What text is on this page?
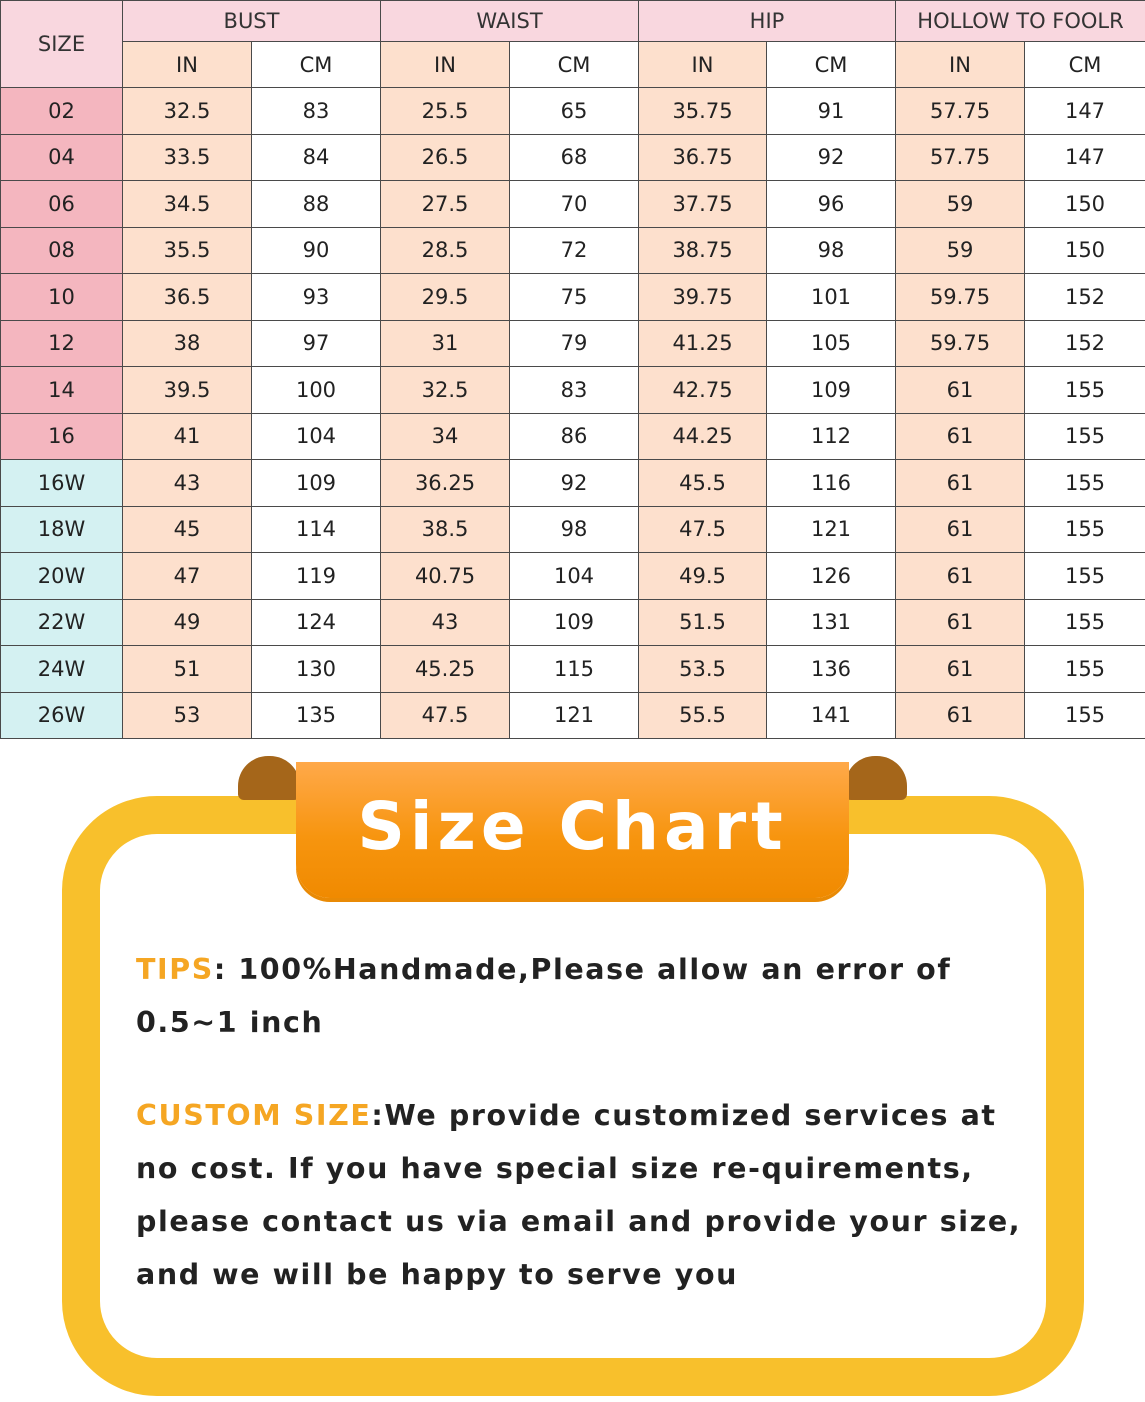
SIZE	BUST		WAIST		HIP		HOLLOW TO FOOLR	
	IN	CM	IN	CM	IN	CM	IN	CM
02	32.5	83	25.5	65	35.75	91	57.75	147
04	33.5	84	26.5	68	36.75	92	57.75	147
06	34.5	88	27.5	70	37.75	96	59	150
08	35.5	90	28.5	72	38.75	98	59	150
10	36.5	93	29.5	75	39.75	101	59.75	152
12	38	97	31	79	41.25	105	59.75	152
14	39.5	100	32.5	83	42.75	109	61	155
16	41	104	34	86	44.25	112	61	155
16W	43	109	36.25	92	45.5	116	61	155
18W	45	114	38.5	98	47.5	121	61	155
20W	47	119	40.75	104	49.5	126	61	155
22W	49	124	43	109	51.5	131	61	155
24W	51	130	45.25	115	53.5	136	61	155
26W	53	135	47.5	121	55.5	141	61	155
Size Chart

TIPS: 100%Handmade,Please allow an error of 0.5~1 inch

CUSTOM SIZE:We provide customized services at no cost. If you have special size re-quirements, please contact us via email and provide your size, and we will be happy to serve you
